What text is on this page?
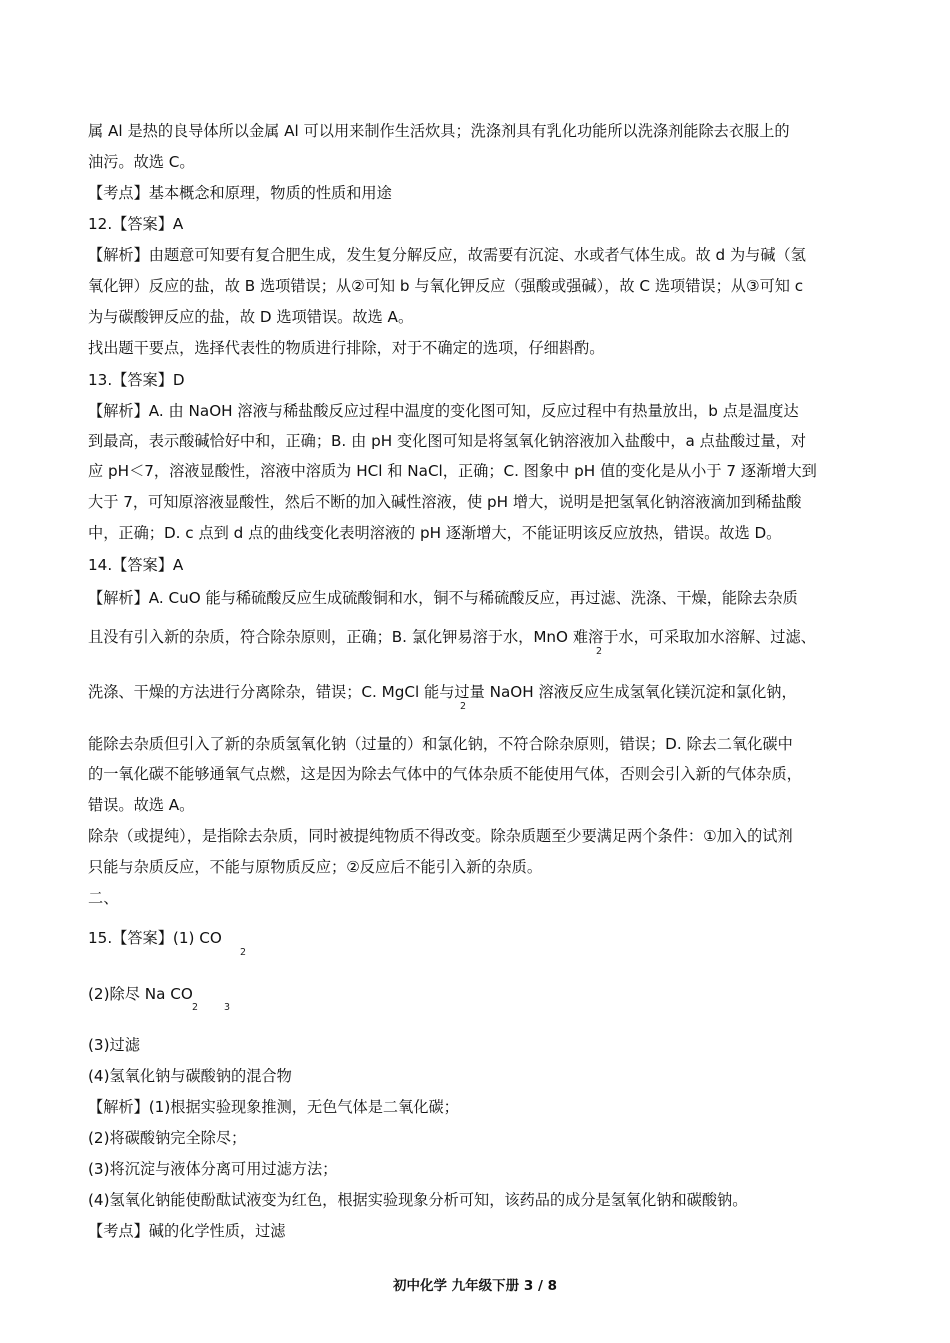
属 Al 是热的良导体所以金属 Al 可以用来制作生活炊具；洗涤剂具有乳化功能所以洗涤剂能除去衣服上的
油污。故选 C。
【考点】基本概念和原理，物质的性质和用途
12.【答案】A
【解析】由题意可知要有复合肥生成，发生复分解反应，故需要有沉淀、水或者气体生成。故 d 为与碱（氢
氧化钾）反应的盐，故 B 选项错误；从②可知 b 与氧化钾反应（强酸或强碱），故 C 选项错误；从③可知 c
为与碳酸钾反应的盐，故 D 选项错误。故选 A。
找出题干要点，选择代表性的物质进行排除，对于不确定的选项，仔细斟酌。
13.【答案】D
【解析】A. 由 NaOH 溶液与稀盐酸反应过程中温度的变化图可知，反应过程中有热量放出，b 点是温度达
到最高，表示酸碱恰好中和，正确；B. 由 pH 变化图可知是将氢氧化钠溶液加入盐酸中，a 点盐酸过量，对
应 pH＜7，溶液显酸性，溶液中溶质为 HCl 和 NaCl，正确；C. 图象中 pH 值的变化是从小于 7 逐渐增大到
大于 7，可知原溶液显酸性，然后不断的加入碱性溶液，使 pH 增大，说明是把氢氧化钠溶液滴加到稀盐酸
中，正确；D. c 点到 d 点的曲线变化表明溶液的 pH 逐渐增大，不能证明该反应放热，错误。故选 D。
14.【答案】A
【解析】A. CuO 能与稀硫酸反应生成硫酸铜和水，铜不与稀硫酸反应，再过滤、洗涤、干燥，能除去杂质
且没有引入新的杂质，符合除杂原则，正确；B. 氯化钾易溶于水，MnO 难溶于水，可采取加水溶解、过滤、
2
洗涤、干燥的方法进行分离除杂，错误；C. MgCl 能与过量 NaOH 溶液反应生成氢氧化镁沉淀和氯化钠，
2
能除去杂质但引入了新的杂质氢氧化钠（过量的）和氯化钠，不符合除杂原则，错误；D. 除去二氧化碳中
的一氧化碳不能够通氧气点燃，这是因为除去气体中的气体杂质不能使用气体，否则会引入新的气体杂质，
错误。故选 A。
除杂（或提纯），是指除去杂质，同时被提纯物质不得改变。除杂质题至少要满足两个条件：①加入的试剂
只能与杂质反应，不能与原物质反应；②反应后不能引入新的杂质。
二、
15.【答案】(1) CO
2
(2)除尽 Na CO
2	3
(3)过滤
(4)氢氧化钠与碳酸钠的混合物
【解析】(1)根据实验现象推测，无色气体是二氧化碳；
(2)将碳酸钠完全除尽；
(3)将沉淀与液体分离可用过滤方法；
(4)氢氧化钠能使酚酞试液变为红色，根据实验现象分析可知，该药品的成分是氢氧化钠和碳酸钠。
【考点】碱的化学性质，过滤
初中化学 九年级下册 3 / 8
